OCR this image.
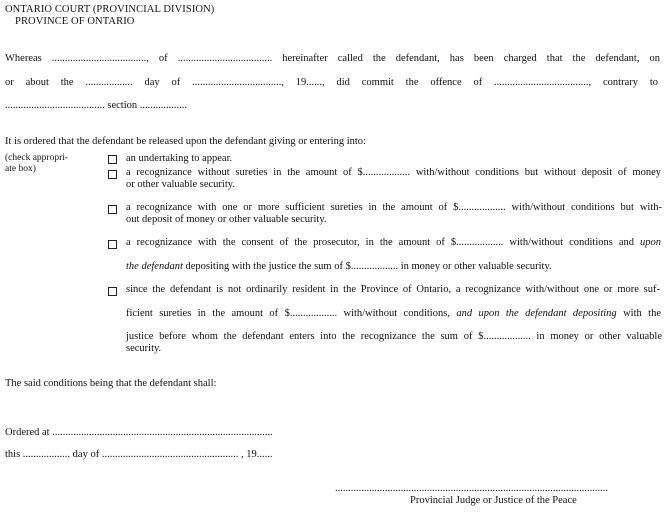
ONTARIO COURT (PROVINCIAL DIVISION)
PROVINCE OF ONTARIO
Whereas ...................................., of .................................... hereinafter called the defendant, has been charged that the defendant, on
or about the .................. day of .................................., 19......, did commit the offence of ...................................., contrary to
...................................... section ..................
It is ordered that the defendant be released upon the defendant giving or entering into:
(check appropri-
ate box)
an undertaking to appear.
a recognizance without sureties in the amount of $.................. with/without conditions but without deposit of money
or other valuable security.
a recognizance with one or more sufficient sureties in the amount of $.................. with/without conditions but with-
out deposit of money or other valuable security.
a recognizance with the consent of the prosecutor, in the amount of $.................. with/without conditions and upon
the defendant depositing with the justice the sum of $.................. in money or other valuable security.
since the defendant is not ordinarily resident in the Province of Ontario, a recognizance with/without one or more suf-
ficient sureties in the amount of $.................. with/without conditions, and upon the defendant depositing with the
justice before whom the defendant enters into the recognizance the sum of $.................. in money or other valuable
security.
The said conditions being that the defendant shall:
Ordered at ....................................................................................
this .................. day of .................................................... , 19......
........................................................................................................
Provincial Judge or Justice of the Peace
